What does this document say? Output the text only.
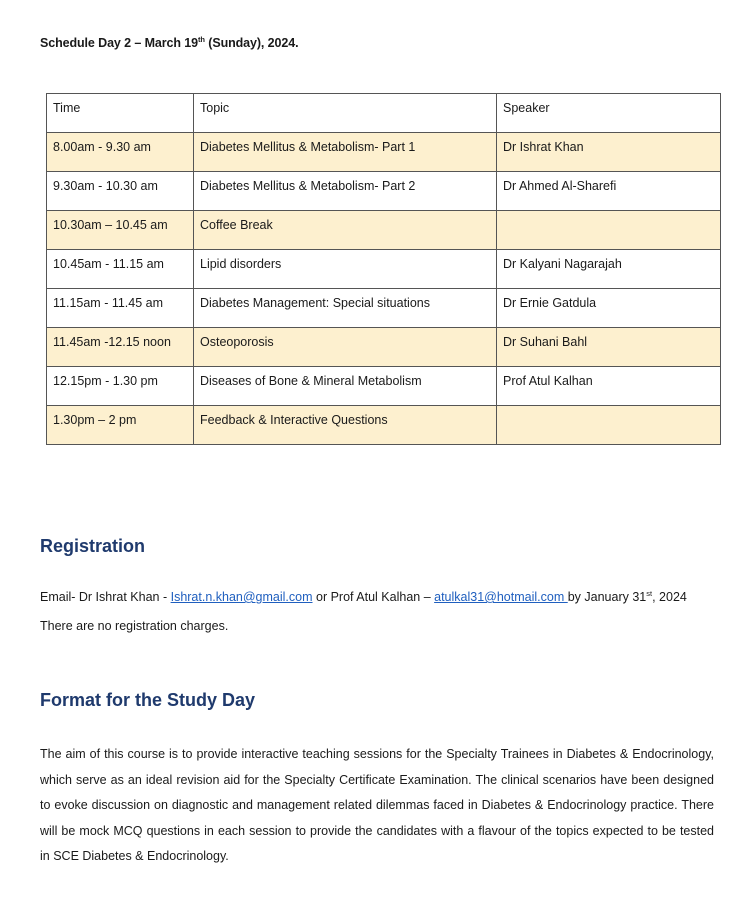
Schedule Day 2 – March 19th (Sunday), 2024.
Time	Topic	Speaker
8.00am - 9.30 am	Diabetes Mellitus & Metabolism- Part 1	Dr Ishrat Khan
9.30am - 10.30 am	Diabetes Mellitus & Metabolism- Part 2	Dr Ahmed Al-Sharefi
10.30am – 10.45 am	Coffee Break	
10.45am - 11.15 am	Lipid disorders	Dr Kalyani Nagarajah
11.15am - 11.45 am	Diabetes Management: Special situations	Dr Ernie Gatdula
11.45am -12.15 noon	Osteoporosis	Dr Suhani Bahl
12.15pm - 1.30 pm	Diseases of Bone & Mineral Metabolism	Prof Atul Kalhan
1.30pm – 2 pm	Feedback & Interactive Questions	
Registration
Email- Dr Ishrat Khan - Ishrat.n.khan@gmail.com or Prof Atul Kalhan – atulkal31@hotmail.com by January 31st, 2024
There are no registration charges.
Format for the Study Day

The aim of this course is to provide interactive teaching sessions for the Specialty Trainees in Diabetes & Endocrinology, which serve as an ideal revision aid for the Specialty Certificate Examination. The clinical scenarios have been designed to evoke discussion on diagnostic and management related dilemmas faced in Diabetes & Endocrinology practice. There will be mock MCQ questions in each session to provide the candidates with a flavour of the topics expected to be tested in SCE Diabetes & Endocrinology.
